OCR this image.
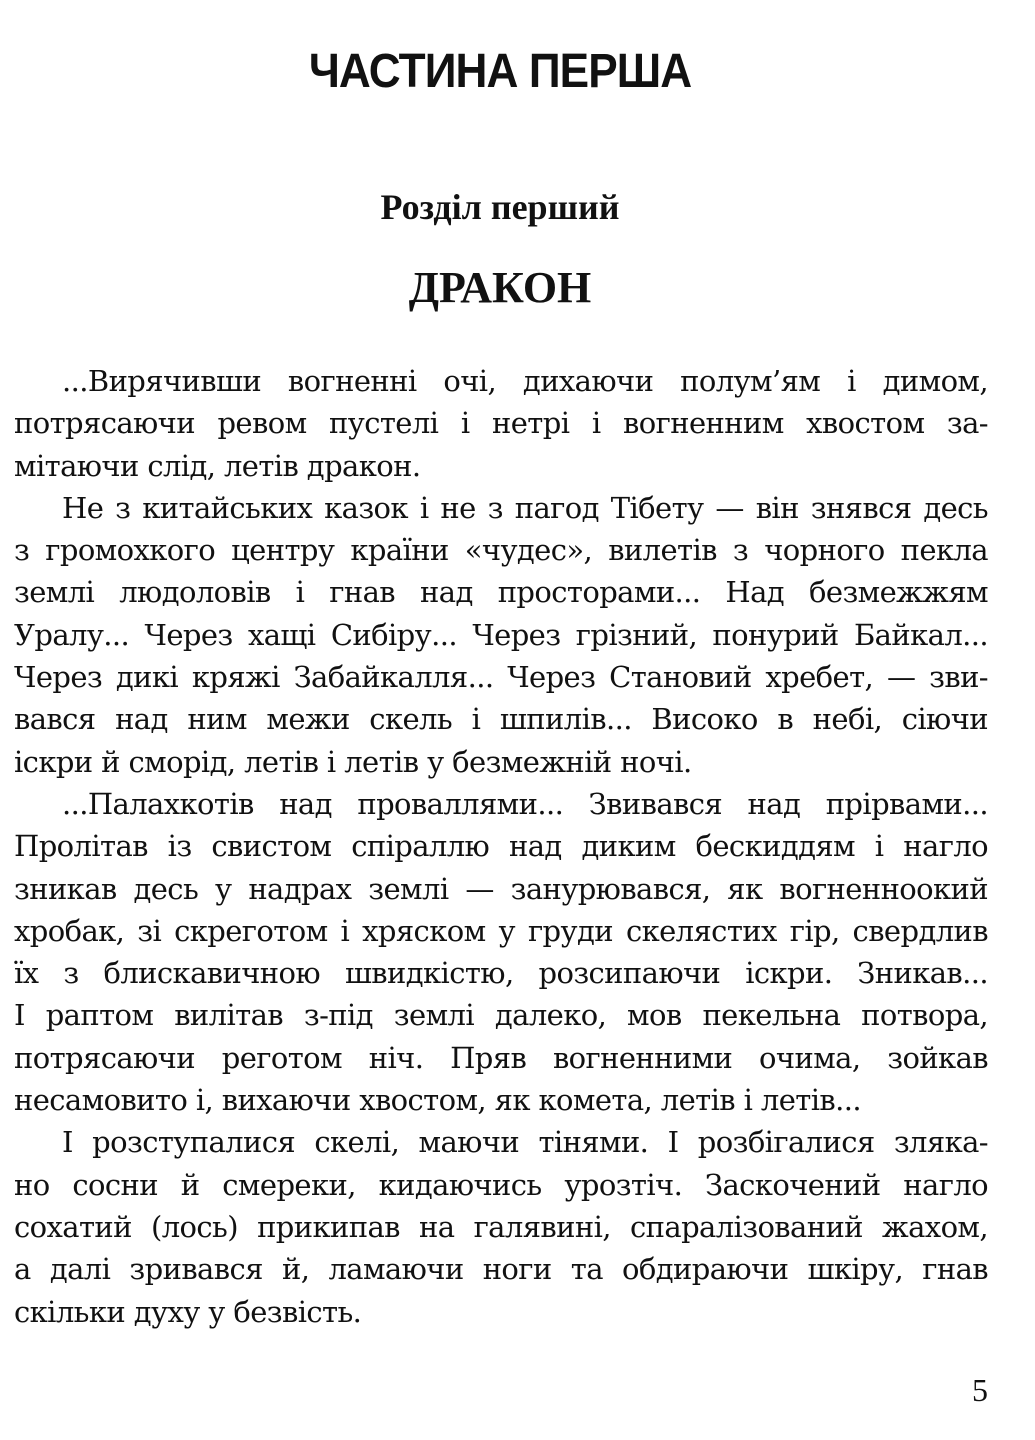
ЧАСТИНА ПЕРША
Розділ перший
ДРАКОН

...Вирячивши вогненні очі, дихаючи полум’ям і димом,
потрясаючи ревом пустелі і нетрі і вогненним хвостом за-
мітаючи слід, летів дракон.

Не з китайських казок і не з пагод Тібету — він знявся десь
з громохкого центру країни «чудес», вилетів з чорного пекла
землі людоловів і гнав над просторами... Над безмежжям
Уралу... Через хащі Сибіру... Через грізний, понурий Байкал...
Через дикі кряжі Забайкалля... Через Становий хребет, — зви-
вався над ним межи скель і шпилів... Високо в небі, сіючи
іскри й сморід, летів і летів у безмежній ночі.

...Палахкотів над проваллями... Звивався над прірвами...
Пролітав із свистом спіраллю над диким бескиддям і нагло
зникав десь у надрах землі — занурювався, як вогненноокий
хробак, зі скреготом і хряском у груди скелястих гір, свердлив
їх з блискавичною швидкістю, розсипаючи іскри. Зникав...
І раптом вилітав з-під землі далеко, мов пекельна потвора,
потрясаючи реготом ніч. Пряв вогненними очима, зойкав
несамовито і, вихаючи хвостом, як комета, летів і летів...

І розступалися скелі, маючи тінями. І розбігалися зляка-
но сосни й смереки, кидаючись урозтіч. Заскочений нагло
сохатий (лось) прикипав на галявині, спаралізований жахом,
а далі зривався й, ламаючи ноги та обдираючи шкіру, гнав
скільки духу у безвість.

5
